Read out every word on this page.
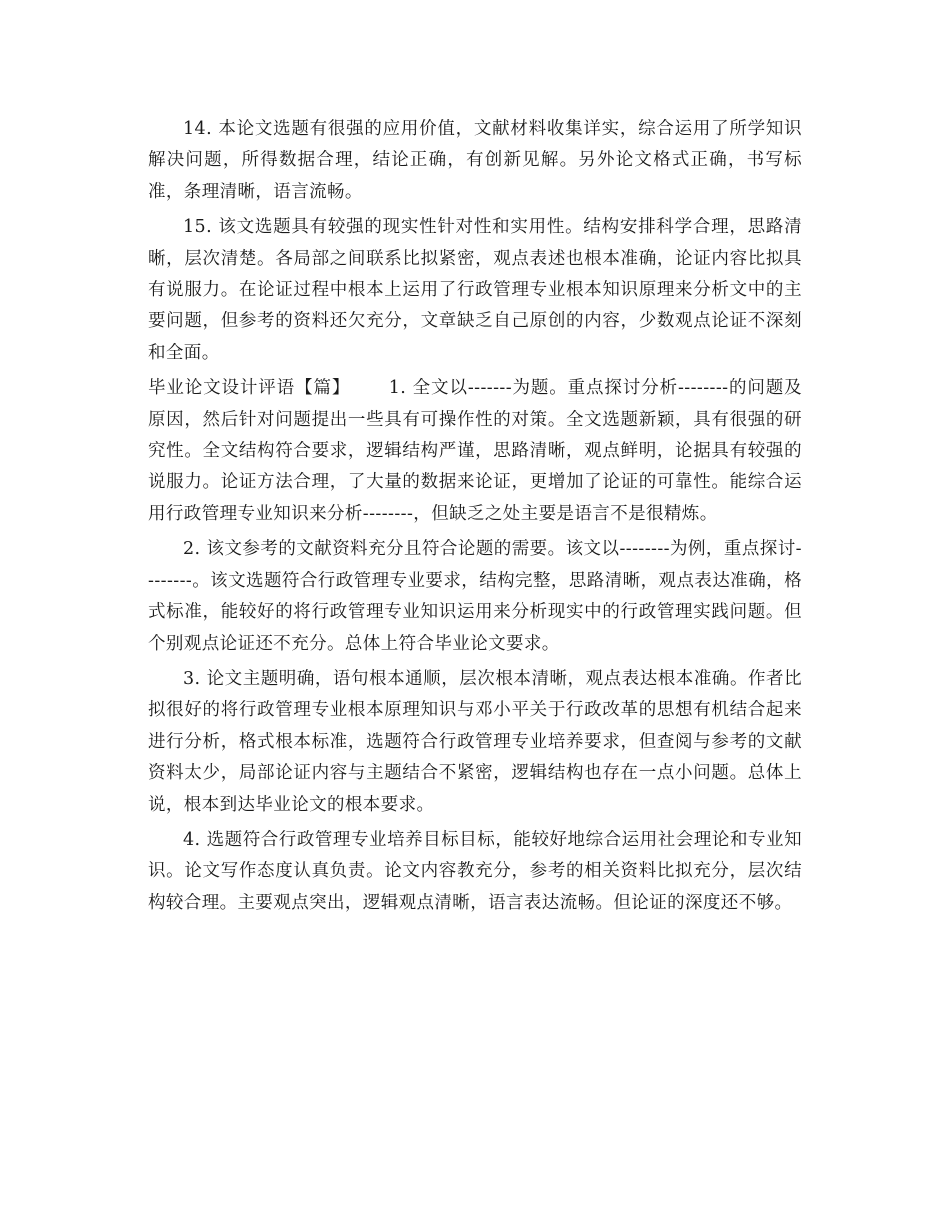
14. 本论文选题有很强的应用价值，文献材料收集详实，综合运用了所学知识解决问题，所得数据合理，结论正确，有创新见解。另外论文格式正确，书写标准，条理清晰，语言流畅。

15. 该文选题具有较强的现实性针对性和实用性。结构安排科学合理，思路清晰，层次清楚。各局部之间联系比拟紧密，观点表述也根本准确，论证内容比拟具有说服力。在论证过程中根本上运用了行政管理专业根本知识原理来分析文中的主要问题，但参考的资料还欠充分，文章缺乏自己原创的内容，少数观点论证不深刻和全面。

毕业论文设计评语【篇】 1. 全文以-------为题。重点探讨分析--------的问题及原因，然后针对问题提出一些具有可操作性的对策。全文选题新颖，具有很强的研究性。全文结构符合要求，逻辑结构严谨，思路清晰，观点鲜明，论据具有较强的说服力。论证方法合理，了大量的数据来论证，更增加了论证的可靠性。能综合运用行政管理专业知识来分析--------，但缺乏之处主要是语言不是很精炼。

2. 该文参考的文献资料充分且符合论题的需要。该文以--------为例，重点探讨--------。该文选题符合行政管理专业要求，结构完整，思路清晰，观点表达准确，格式标准，能较好的将行政管理专业知识运用来分析现实中的行政管理实践问题。但个别观点论证还不充分。总体上符合毕业论文要求。

3. 论文主题明确，语句根本通顺，层次根本清晰，观点表达根本准确。作者比拟很好的将行政管理专业根本原理知识与邓小平关于行政改革的思想有机结合起来进行分析，格式根本标准，选题符合行政管理专业培养要求，但查阅与参考的文献资料太少，局部论证内容与主题结合不紧密，逻辑结构也存在一点小问题。总体上说，根本到达毕业论文的根本要求。

4. 选题符合行政管理专业培养目标目标，能较好地综合运用社会理论和专业知识。论文写作态度认真负责。论文内容教充分，参考的相关资料比拟充分，层次结构较合理。主要观点突出，逻辑观点清晰，语言表达流畅。但论证的深度还不够。
